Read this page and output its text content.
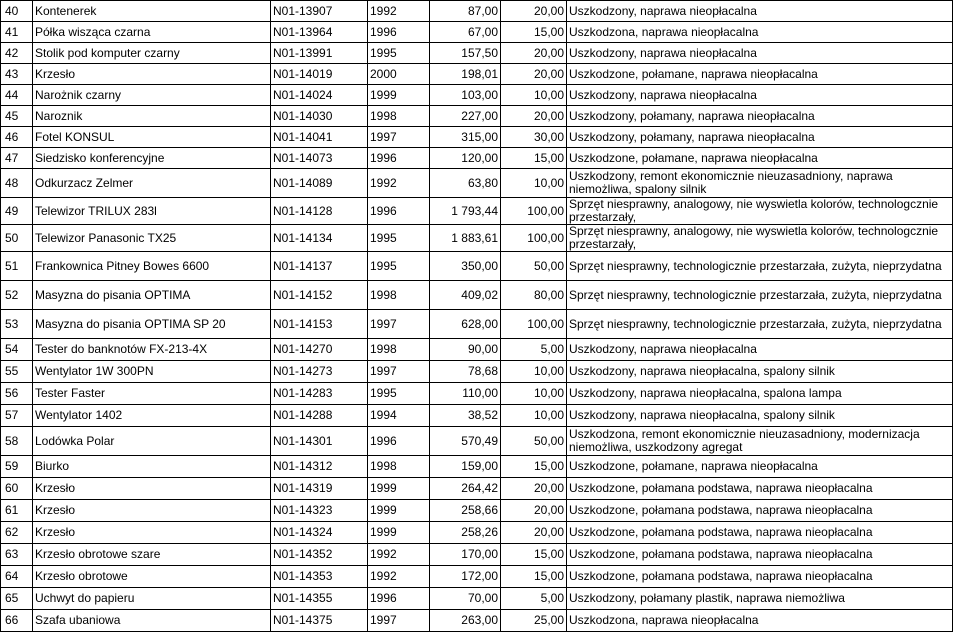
40	Kontenerek	N01-13907	1992	87,00	20,00	Uszkodzony, naprawa nieopłacalna
41	Półka wisząca czarna	N01-13964	1996	67,00	15,00	Uszkodzona, naprawa nieopłacalna
42	Stolik pod komputer czarny	N01-13991	1995	157,50	20,00	Uszkodzony, naprawa nieopłacalna
43	Krzesło	N01-14019	2000	198,01	20,00	Uszkodzone, połamane, naprawa nieopłacalna
44	Narożnik czarny	N01-14024	1999	103,00	10,00	Uszkodzony, naprawa nieopłacalna
45	Naroznik	N01-14030	1998	227,00	20,00	Uszkodzony, połamany, naprawa nieopłacalna
46	Fotel KONSUL	N01-14041	1997	315,00	30,00	Uszkodzony, połamany, naprawa nieopłacalna
47	Siedzisko konferencyjne	N01-14073	1996	120,00	15,00	Uszkodzone, połamane, naprawa nieopłacalna
48	Odkurzacz Zelmer	N01-14089	1992	63,80	10,00	Uszkodzony, remont ekonomicznie nieuzasadniony, naprawa niemożliwa, spalony silnik
49	Telewizor TRILUX 283l	N01-14128	1996	1 793,44	100,00	Sprzęt niesprawny, analogowy, nie wyswietla kolorów, technologcznie przestarzały,
50	Telewizor Panasonic TX25	N01-14134	1995	1 883,61	100,00	Sprzęt niesprawny, analogowy, nie wyswietla kolorów, technologcznie przestarzały,
51	Frankownica Pitney Bowes 6600	N01-14137	1995	350,00	50,00	Sprzęt niesprawny, technologicznie przestarzała, zużyta, nieprzydatna
52	Masyzna do pisania OPTIMA	N01-14152	1998	409,02	80,00	Sprzęt niesprawny, technologicznie przestarzała, zużyta, nieprzydatna
53	Masyzna do pisania OPTIMA SP 20	N01-14153	1997	628,00	100,00	Sprzęt niesprawny, technologicznie przestarzała, zużyta, nieprzydatna
54	Tester do banknotów FX-213-4X	N01-14270	1998	90,00	5,00	Uszkodzony, naprawa nieopłacalna
55	Wentylator 1W 300PN	N01-14273	1997	78,68	10,00	Uszkodzony, naprawa nieopłacalna, spalony silnik
56	Tester Faster	N01-14283	1995	110,00	10,00	Uszkodzony, naprawa nieopłacalna, spalona lampa
57	Wentylator 1402	N01-14288	1994	38,52	10,00	Uszkodzony, naprawa nieopłacalna, spalony silnik
58	Lodówka Polar	N01-14301	1996	570,49	50,00	Uszkodzona, remont ekonomicznie nieuzasadniony, modernizacja niemożliwa, uszkodzony agregat
59	Biurko	N01-14312	1998	159,00	15,00	Uszkodzone, połamane, naprawa nieopłacalna
60	Krzesło	N01-14319	1999	264,42	20,00	Uszkodzone, połamana podstawa, naprawa nieopłacalna
61	Krzesło	N01-14323	1999	258,66	20,00	Uszkodzone, połamana podstawa, naprawa nieopłacalna
62	Krzesło	N01-14324	1999	258,26	20,00	Uszkodzone, połamana podstawa, naprawa nieopłacalna
63	Krzesło obrotowe szare	N01-14352	1992	170,00	15,00	Uszkodzone, połamana podstawa, naprawa nieopłacalna
64	Krzesło obrotowe	N01-14353	1992	172,00	15,00	Uszkodzone, połamana podstawa, naprawa nieopłacalna
65	Uchwyt do papieru	N01-14355	1996	70,00	5,00	Uszkodzony, połamany plastik, naprawa niemożliwa
66	Szafa ubaniowa	N01-14375	1997	263,00	25,00	Uszkodzona, naprawa nieopłacalna
